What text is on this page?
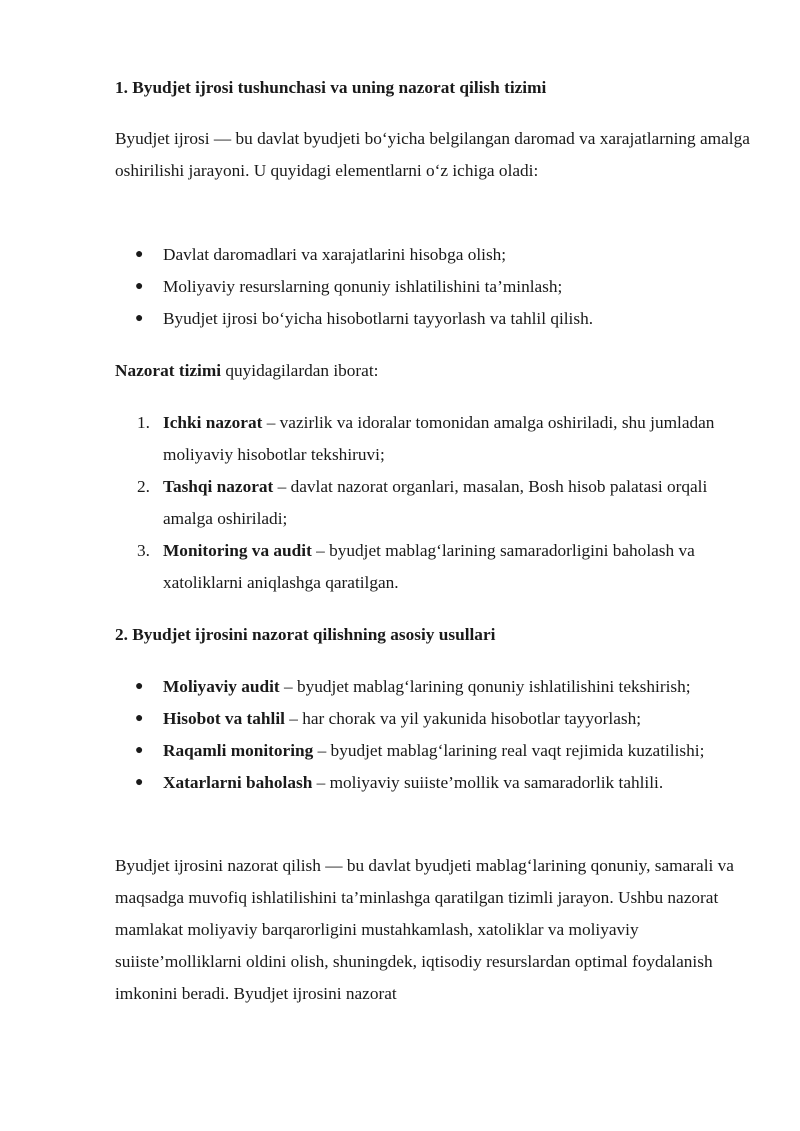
1. Byudjet ijrosi tushunchasi va uning nazorat qilish tizimi

Byudjet ijrosi — bu davlat byudjeti bo‘yicha belgilangan daromad va xarajatlarning amalga oshirilishi jarayoni. U quyidagi elementlarni o‘z ichiga oladi:

● Davlat daromadlari va xarajatlarini hisobga olish;
● Moliyaviy resurslarning qonuniy ishlatilishini ta’minlash;
● Byudjet ijrosi bo‘yicha hisobotlarni tayyorlash va tahlil qilish.

Nazorat tizimi quyidagilardan iborat:

1. Ichki nazorat – vazirlik va idoralar tomonidan amalga oshiriladi, shu jumladan moliyaviy hisobotlar tekshiruvi;
2. Tashqi nazorat – davlat nazorat organlari, masalan, Bosh hisob palatasi orqali amalga oshiriladi;
3. Monitoring va audit – byudjet mablag‘larining samaradorligini baholash va xatoliklarni aniqlashga qaratilgan.
2. Byudjet ijrosini nazorat qilishning asosiy usullari
● Moliyaviy audit – byudjet mablag‘larining qonuniy ishlatilishini tekshirish;
● Hisobot va tahlil – har chorak va yil yakunida hisobotlar tayyorlash;
● Raqamli monitoring – byudjet mablag‘larining real vaqt rejimida kuzatilishi;
● Xatarlarni baholash – moliyaviy suiiste’mollik va samaradorlik tahlili.

Byudjet ijrosini nazorat qilish — bu davlat byudjeti mablag‘larining qonuniy, samarali va maqsadga muvofiq ishlatilishini ta’minlashga qaratilgan tizimli jarayon. Ushbu nazorat mamlakat moliyaviy barqarorligini mustahkamlash, xatoliklar va moliyaviy suiiste’molliklarni oldini olish, shuningdek, iqtisodiy resurslardan optimal foydalanish imkonini beradi. Byudjet ijrosini nazorat
